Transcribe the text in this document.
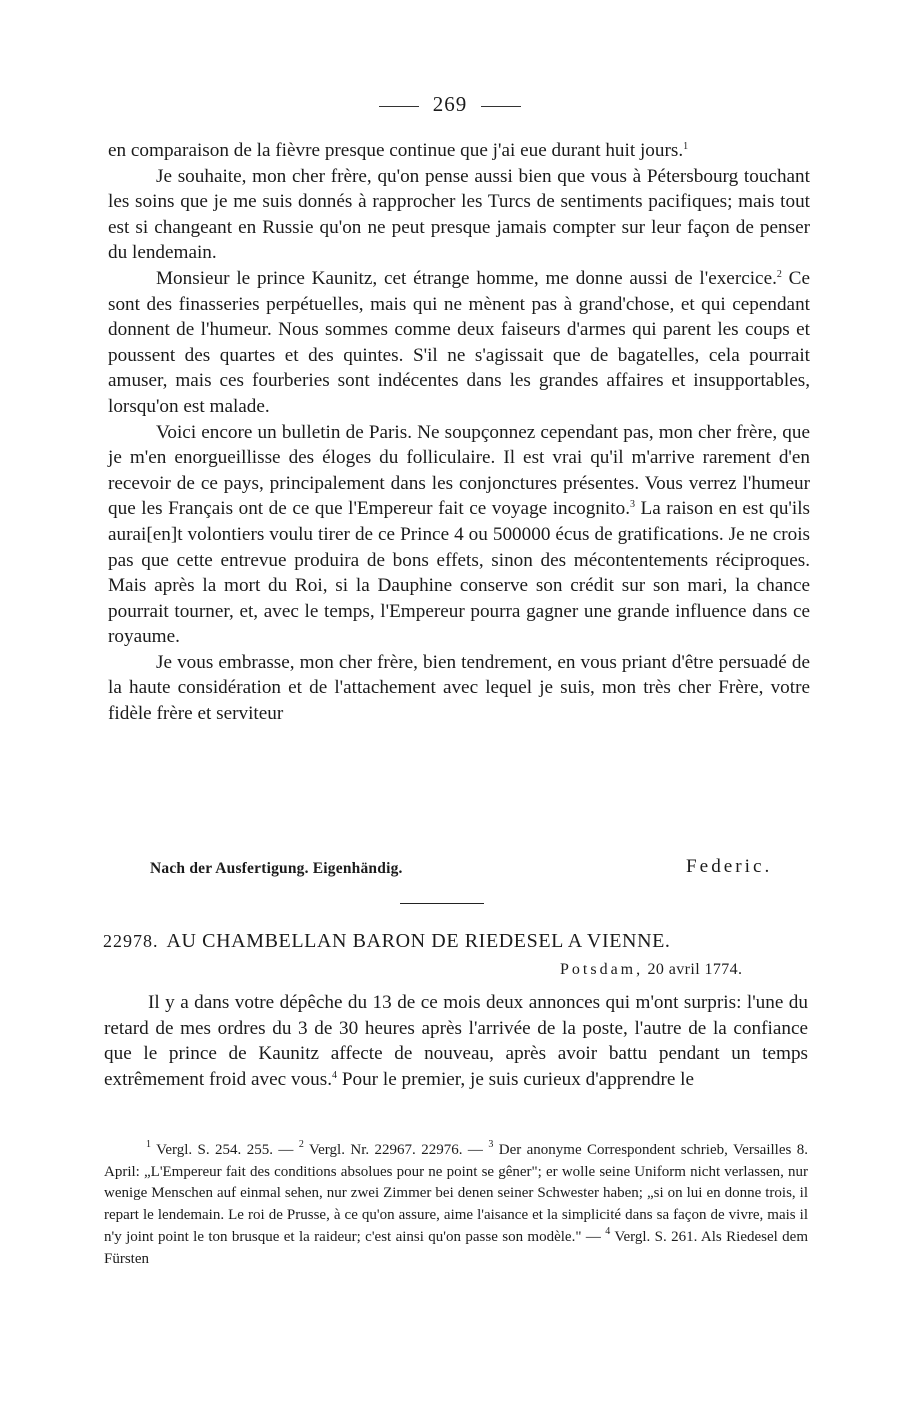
269

en comparaison de la fièvre presque continue que j'ai eue durant huit jours.$^1$

Je souhaite, mon cher frère, qu'on pense aussi bien que vous à Pétersbourg touchant les soins que je me suis donnés à rapprocher les Turcs de sentiments pacifiques; mais tout est si changeant en Russie qu'on ne peut presque jamais compter sur leur façon de penser du lendemain.

Monsieur le prince Kaunitz, cet étrange homme, me donne aussi de l'exercice.$^2$ Ce sont des finasseries perpétuelles, mais qui ne mènent pas à grand'chose, et qui cependant donnent de l'humeur. Nous sommes comme deux faiseurs d'armes qui parent les coups et poussent des quartes et des quintes. S'il ne s'agissait que de bagatelles, cela pourrait amuser, mais ces fourberies sont indécentes dans les grandes affaires et insupportables, lorsqu'on est malade.

Voici encore un bulletin de Paris. Ne soupçonnez cependant pas, mon cher frère, que je m'en enorgueillisse des éloges du folliculaire. Il est vrai qu'il m'arrive rarement d'en recevoir de ce pays, principalement dans les conjonctures présentes. Vous verrez l'humeur que les Français ont de ce que l'Empereur fait ce voyage incognito.$^3$ La raison en est qu'ils aurai[en]t volontiers voulu tirer de ce Prince 4 ou 500000 écus de gratifications. Je ne crois pas que cette entrevue produira de bons effets, sinon des mécontentements réciproques. Mais après la mort du Roi, si la Dauphine conserve son crédit sur son mari, la chance pourrait tourner, et, avec le temps, l'Empereur pourra gagner une grande influence dans ce royaume.

Je vous embrasse, mon cher frère, bien tendrement, en vous priant d'être persuadé de la haute considération et de l'attachement avec lequel je suis, mon très cher Frère, votre fidèle frère et serviteur

Nach der Ausfertigung. Eigenhändig.	Federic.
22978. AU CHAMBELLAN BARON DE RIEDESEL A VIENNE.
Potsdam, 20 avril 1774.

Il y a dans votre dépêche du 13 de ce mois deux annonces qui m'ont surpris: l'une du retard de mes ordres du 3 de 30 heures après l'arrivée de la poste, l'autre de la confiance que le prince de Kaunitz affecte de nouveau, après avoir battu pendant un temps extrêmement froid avec vous.$^4$ Pour le premier, je suis curieux d'apprendre le

$^1$ Vergl. S. 254. 255. — $^2$ Vergl. Nr. 22967. 22976. — $^3$ Der anonyme Correspondent schrieb, Versailles 8. April: „L'Empereur fait des conditions absolues pour ne point se gêner"; er wolle seine Uniform nicht verlassen, nur wenige Menschen auf einmal sehen, nur zwei Zimmer bei denen seiner Schwester haben; „si on lui en donne trois, il repart le lendemain. Le roi de Prusse, à ce qu'on assure, aime l'aisance et la simplicité dans sa façon de vivre, mais il n'y joint point le ton brusque et la raideur; c'est ainsi qu'on passe son modèle." — $^4$ Vergl. S. 261. Als Riedesel dem Fürsten
